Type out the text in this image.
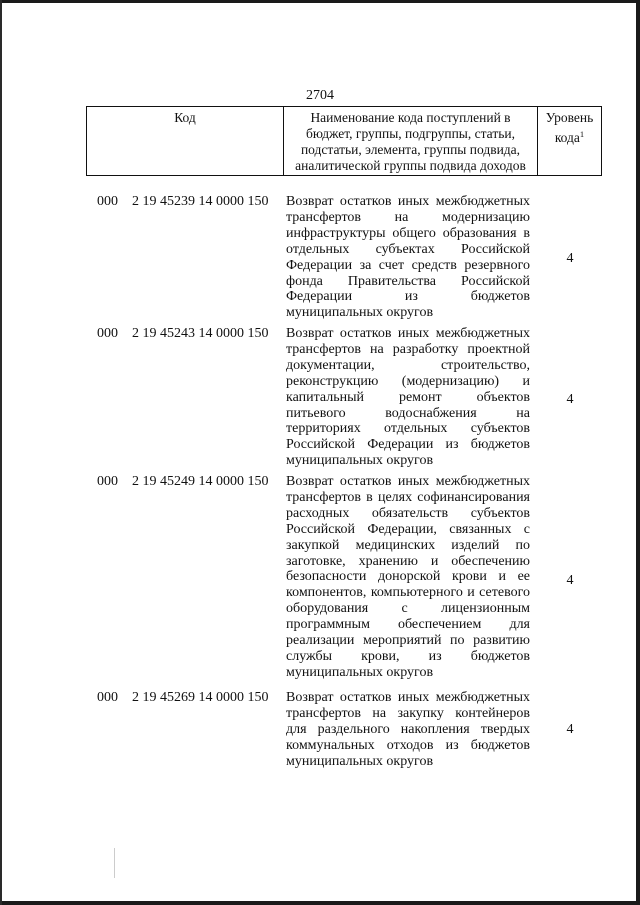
2704
Код	Наименование кода поступлений в бюджет, группы, подгруппы, статьи, подстатьи, элемента, группы подвида, аналитической группы подвида доходов
Уровень кода$^1$
000 2 19 45239 14 0000 150 Возврат остатков иных межбюджетных трансфертов на модернизацию инфраструктуры общего образования в отдельных субъектах Российской Федерации за счет средств резервного фонда Правительства Российской Федерации из бюджетов муниципальных округов
4
000 2 19 45243 14 0000 150 Возврат остатков иных межбюджетных трансфертов на разработку проектной документации, строительство, реконструкцию (модернизацию) и капитальный ремонт объектов питьевого водоснабжения на территориях отдельных субъектов Российской Федерации из бюджетов муниципальных округов
4
000 2 19 45249 14 0000 150 Возврат остатков иных межбюджетных трансфертов в целях софинансирования расходных обязательств субъектов Российской Федерации, связанных с закупкой медицинских изделий по заготовке, хранению и обеспечению безопасности донорской крови и ее компонентов, компьютерного и сетевого оборудования с лицензионным программным обеспечением для реализации мероприятий по развитию службы крови, из бюджетов муниципальных округов
4
000 2 19 45269 14 0000 150 Возврат остатков иных межбюджетных трансфертов на закупку контейнеров для раздельного накопления твердых коммунальных отходов из бюджетов муниципальных округов
4
